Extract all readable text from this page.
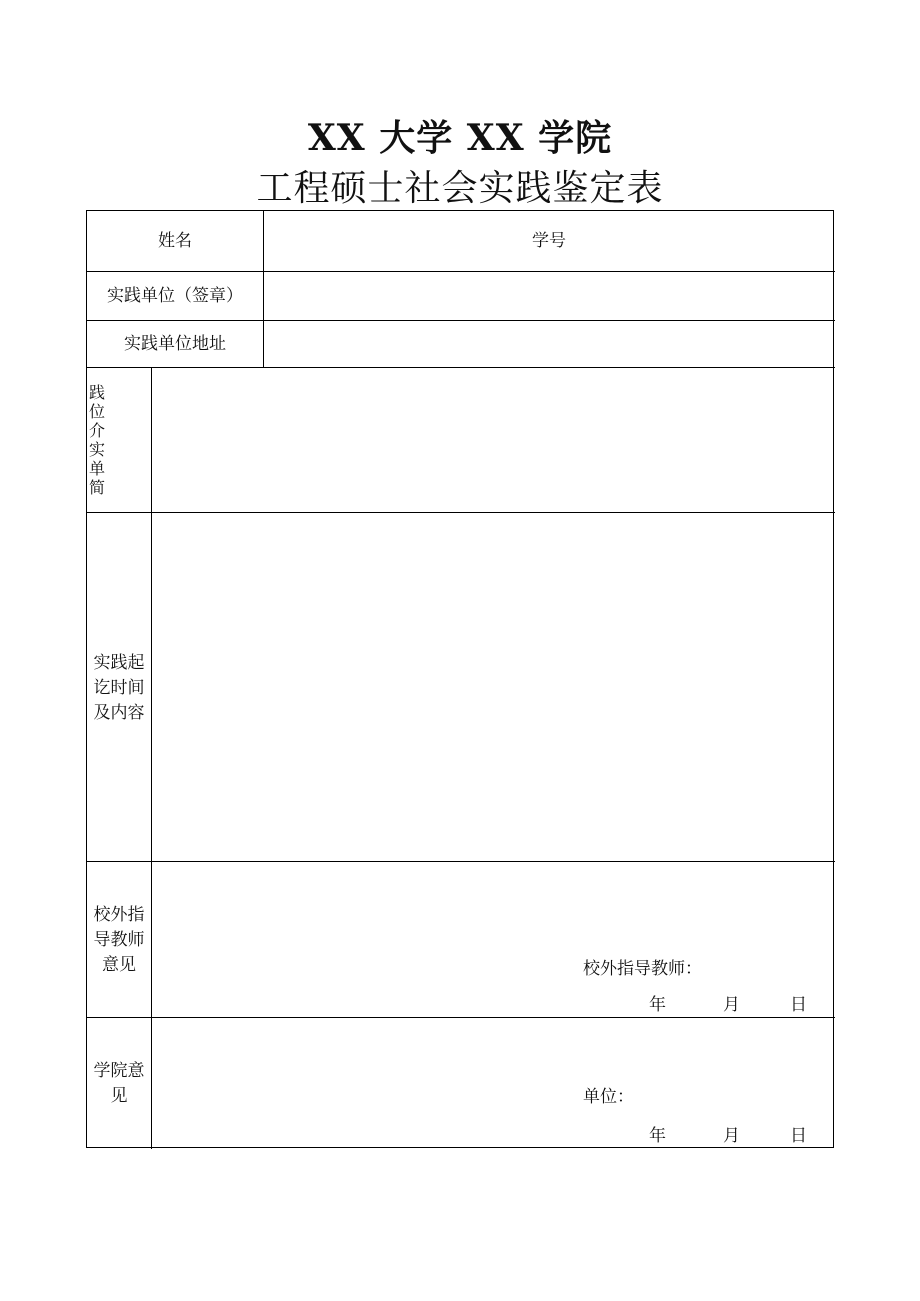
XX 大学 XX 学院
工程硕士社会实践鉴定表
姓名	学号
实践单位（签章）
实践单位地址
践
位
介
实
单
简
实践起
讫时间
及内容
校外指
导教师
意见	校外指导教师：
年	月	日
学院意
见	单位：
年	月	日
